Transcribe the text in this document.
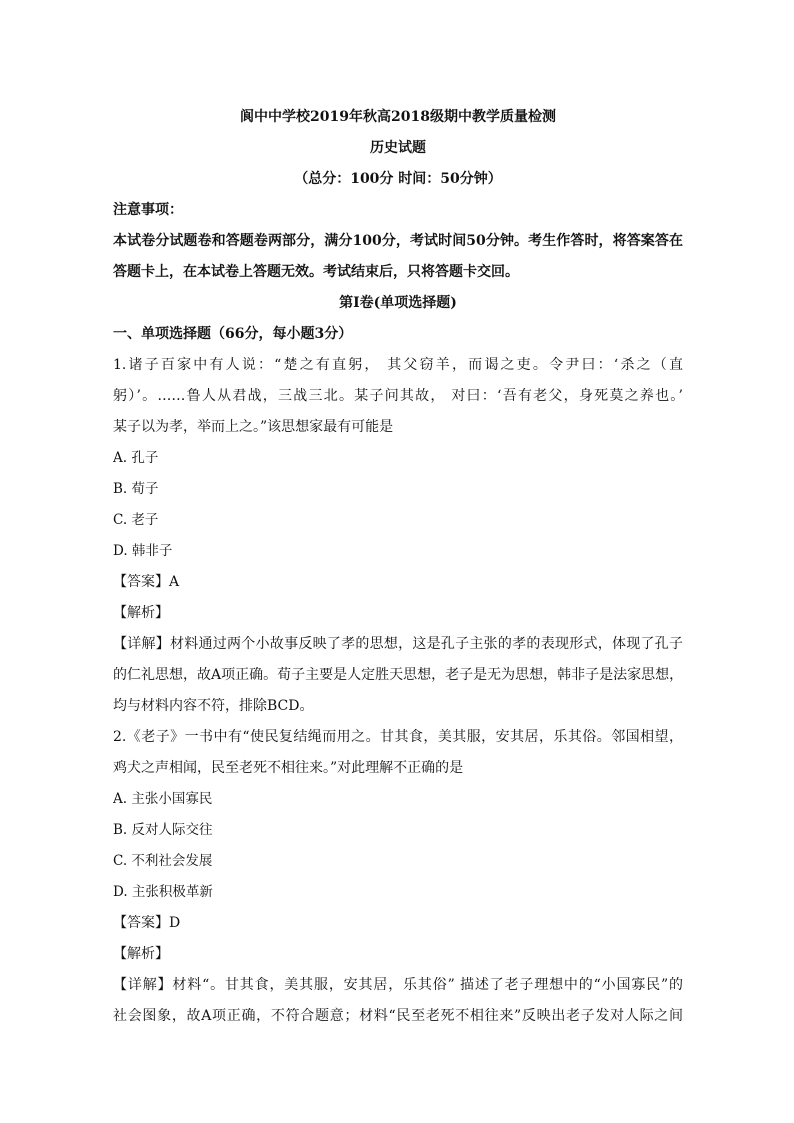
阆中中学校2019年秋高2018级期中教学质量检测
历史试题
（总分：100分 时间：50分钟）
注意事项：
本试卷分试题卷和答题卷两部分，满分100分，考试时间50分钟。考生作答时，将答案答在
答题卡上，在本试卷上答题无效。考试结束后，只将答题卡交回。
第Ⅰ卷(单项选择题)
一、单项选择题（66分，每小题3分）
1.诸子百家中有人说：“楚之有直躬， 其父窃羊，而谒之吏。令尹曰：‘杀之（直
躬）’。……鲁人从君战，三战三北。某子问其故， 对曰：‘吾有老父，身死莫之养也。’
某子以为孝，举而上之。”该思想家最有可能是
A. 孔子
B. 荀子
C. 老子
D. 韩非子
【答案】A
【解析】
【详解】材料通过两个小故事反映了孝的思想，这是孔子主张的孝的表现形式，体现了孔子
的仁礼思想，故A项正确。荀子主要是人定胜天思想，老子是无为思想，韩非子是法家思想，
均与材料内容不符，排除BCD。
2.《老子》一书中有“使民复结绳而用之。甘其食，美其服，安其居，乐其俗。邻国相望，
鸡犬之声相闻，民至老死不相往来。”对此理解不正确的是
A. 主张小国寡民
B. 反对人际交往
C. 不利社会发展
D. 主张积极革新
【答案】D
【解析】
【详解】材料“。甘其食，美其服，安其居，乐其俗” 描述了老子理想中的“小国寡民”的
社会图象，故A项正确，不符合题意；材料“民至老死不相往来”反映出老子发对人际之间
